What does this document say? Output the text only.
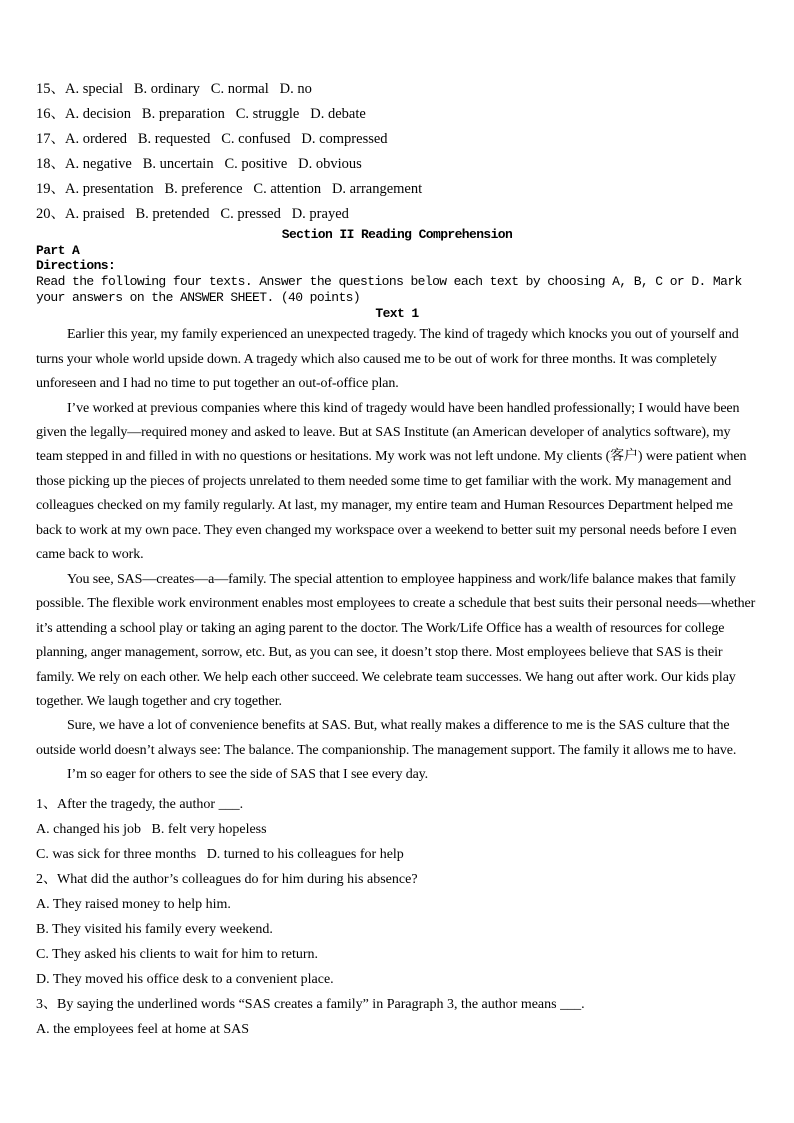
15、A. special   B. ordinary   C. normal   D. no
16、A. decision   B. preparation   C. struggle   D. debate
17、A. ordered   B. requested   C. confused   D. compressed
18、A. negative   B. uncertain   C. positive   D. obvious
19、A. presentation   B. preference   C. attention   D. arrangement
20、A. praised   B. pretended   C. pressed   D. prayed
Section II Reading Comprehension
Part A
Directions:
Read the following four texts. Answer the questions below each text by choosing A, B, C or D. Mark your answers on the ANSWER SHEET. (40 points)
Text 1

Earlier this year, my family experienced an unexpected tragedy. The kind of tragedy which knocks you out of yourself and turns your whole world upside down. A tragedy which also caused me to be out of work for three months. It was completely unforeseen and I had no time to put together an out-of-office plan.

I’ve worked at previous companies where this kind of tragedy would have been handled professionally; I would have been given the legally—required money and asked to leave. But at SAS Institute (an American developer of analytics software), my team stepped in and filled in with no questions or hesitations. My work was not left undone. My clients (客户) were patient when those picking up the pieces of projects unrelated to them needed some time to get familiar with the work. My management and colleagues checked on my family regularly. At last, my manager, my entire team and Human Resources Department helped me back to work at my own pace. They even changed my workspace over a weekend to better suit my personal needs before I even came back to work.

You see, SAS—creates—a—family. The special attention to employee happiness and work/life balance makes that family possible. The flexible work environment enables most employees to create a schedule that best suits their personal needs—whether it’s attending a school play or taking an aging parent to the doctor. The Work/Life Office has a wealth of resources for college planning, anger management, sorrow, etc. But, as you can see, it doesn’t stop there. Most employees believe that SAS is their family. We rely on each other. We help each other succeed. We celebrate team successes. We hang out after work. Our kids play together. We laugh together and cry together.

Sure, we have a lot of convenience benefits at SAS. But, what really makes a difference to me is the SAS culture that the outside world doesn’t always see: The balance. The companionship. The management support. The family it allows me to have.

I’m so eager for others to see the side of SAS that I see every day.

1、After the tragedy, the author ___.
A. changed his job   B. felt very hopeless
C. was sick for three months   D. turned to his colleagues for help
2、What did the author’s colleagues do for him during his absence?
A. They raised money to help him.
B. They visited his family every weekend.
C. They asked his clients to wait for him to return.
D. They moved his office desk to a convenient place.
3、By saying the underlined words “SAS creates a family” in Paragraph 3, the author means ___.
A. the employees feel at home at SAS
